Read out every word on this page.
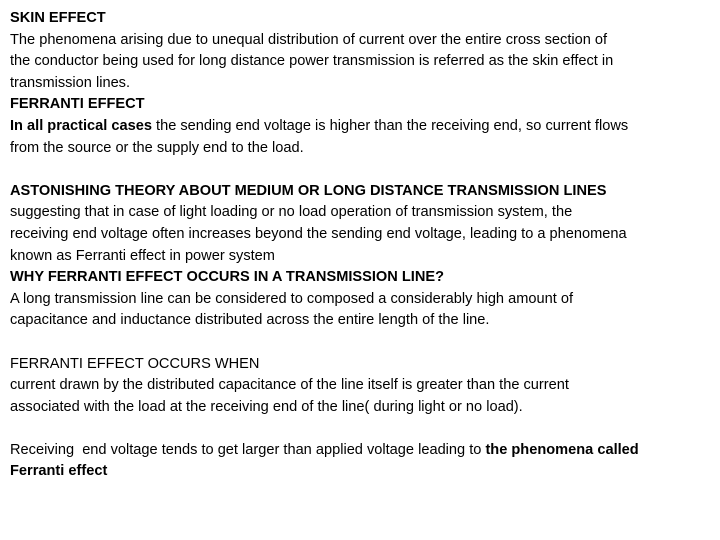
SKIN EFFECT
The phenomena arising due to unequal distribution of current over the entire cross section of
the conductor being used for long distance power transmission is referred as the skin effect in
transmission lines.
FERRANTI EFFECT
In all practical cases the sending end voltage is higher than the receiving end, so current flows
from the source or the supply end to the load.
ASTONISHING THEORY ABOUT MEDIUM OR LONG DISTANCE TRANSMISSION LINES
suggesting that in case of light loading or no load operation of transmission system, the
receiving end voltage often increases beyond the sending end voltage, leading to a phenomena
known as Ferranti effect in power system
WHY FERRANTI EFFECT OCCURS IN A TRANSMISSION LINE?
A long transmission line can be considered to composed a considerably high amount of
capacitance and inductance distributed across the entire length of the line.
FERRANTI EFFECT OCCURS WHEN
current drawn by the distributed capacitance of the line itself is greater than the current
associated with the load at the receiving end of the line( during light or no load).
Receiving  end voltage tends to get larger than applied voltage leading to the phenomena called
Ferranti effect
